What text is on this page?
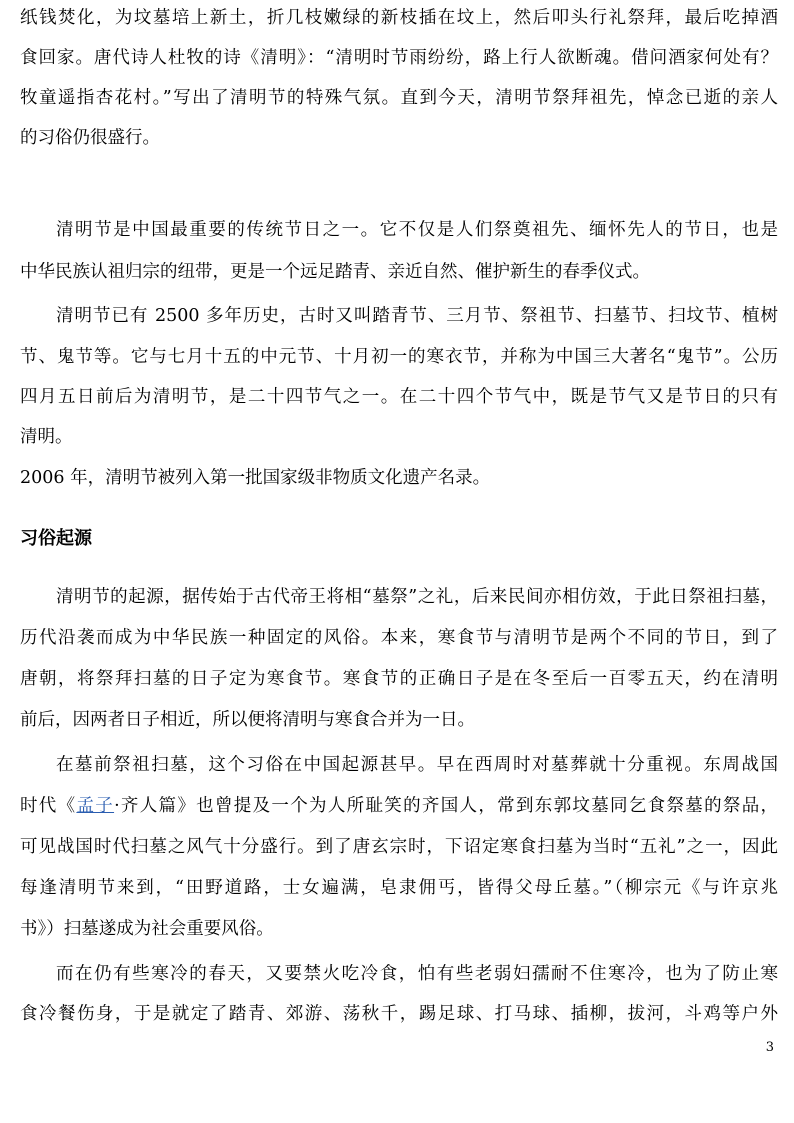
纸钱焚化，为坟墓培上新土，折几枝嫩绿的新枝插在坟上，然后叩头行礼祭拜，最后吃掉酒
食回家。唐代诗人杜牧的诗《清明》：“清明时节雨纷纷，路上行人欲断魂。借问酒家何处有？
牧童遥指杏花村。”写出了清明节的特殊气氛。直到今天，清明节祭拜祖先，悼念已逝的亲人
的习俗仍很盛行。
清明节是中国最重要的传统节日之一。它不仅是人们祭奠祖先、缅怀先人的节日，也是
中华民族认祖归宗的纽带，更是一个远足踏青、亲近自然、催护新生的春季仪式。
清明节已有 2500 多年历史，古时又叫踏青节、三月节、祭祖节、扫墓节、扫坟节、植树
节、鬼节等。它与七月十五的中元节、十月初一的寒衣节，并称为中国三大著名“鬼节”。公历
四月五日前后为清明节，是二十四节气之一。在二十四个节气中，既是节气又是节日的只有
清明。
2006 年，清明节被列入第一批国家级非物质文化遗产名录。
习俗起源
清明节的起源，据传始于古代帝王将相“墓祭”之礼，后来民间亦相仿效，于此日祭祖扫墓，
历代沿袭而成为中华民族一种固定的风俗。本来，寒食节与清明节是两个不同的节日，到了
唐朝，将祭拜扫墓的日子定为寒食节。寒食节的正确日子是在冬至后一百零五天，约在清明
前后，因两者日子相近，所以便将清明与寒食合并为一日。
在墓前祭祖扫墓，这个习俗在中国起源甚早。早在西周时对墓葬就十分重视。东周战国
时代《孟子·齐人篇》也曾提及一个为人所耻笑的齐国人，常到东郭坟墓同乞食祭墓的祭品，
可见战国时代扫墓之风气十分盛行。到了唐玄宗时，下诏定寒食扫墓为当时“五礼”之一，因此
每逢清明节来到，“田野道路，士女遍满，皂隶佣丐，皆得父母丘墓。”（柳宗元《与许京兆
书》）扫墓遂成为社会重要风俗。
而在仍有些寒冷的春天，又要禁火吃冷食，怕有些老弱妇孺耐不住寒冷，也为了防止寒
食冷餐伤身，于是就定了踏青、郊游、荡秋千，踢足球、打马球、插柳，拔河，斗鸡等户外
3
